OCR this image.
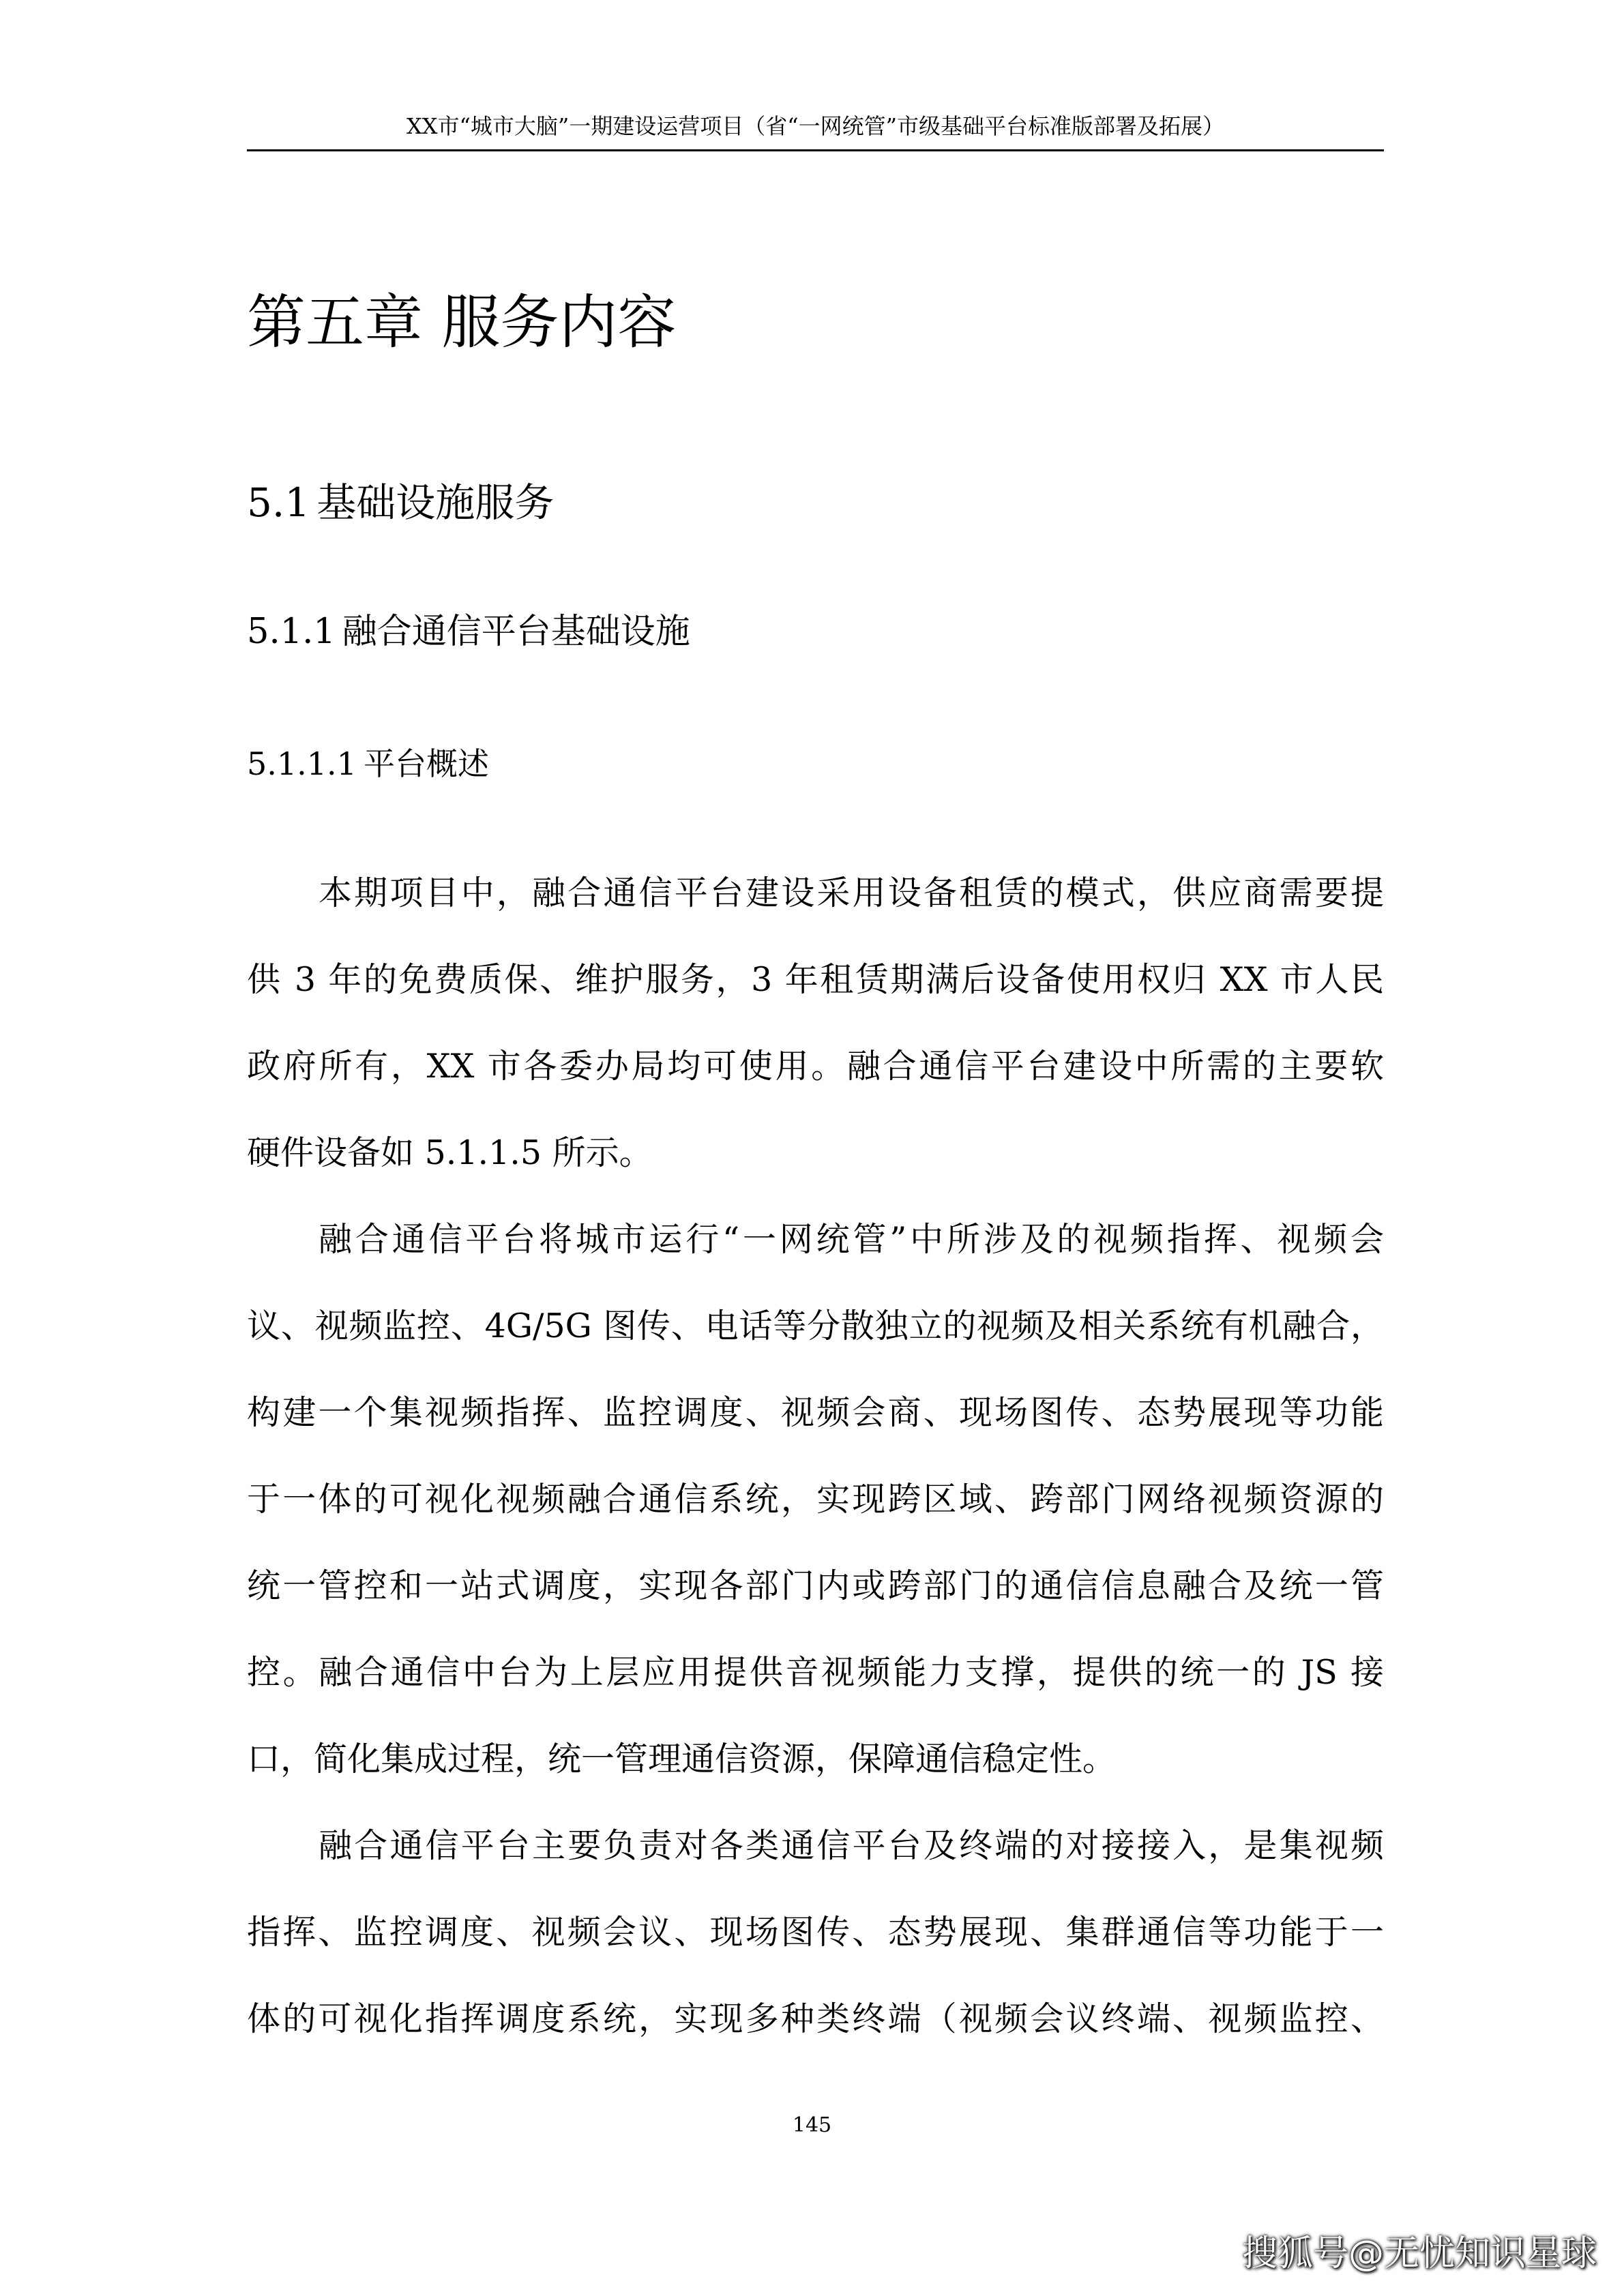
XX市“城市大脑”一期建设运营项目（省“一网统管”市级基础平台标准版部署及拓展）
第五章 服务内容
5.1 基础设施服务
5.1.1 融合通信平台基础设施
5.1.1.1 平台概述
本期项目中，融合通信平台建设采用设备租赁的模式，供应商需要提
供 3 年的免费质保、维护服务，3 年租赁期满后设备使用权归 XX 市人民
政府所有，XX 市各委办局均可使用。融合通信平台建设中所需的主要软
硬件设备如 5.1.1.5 所示。
融合通信平台将城市运行“一网统管”中所涉及的视频指挥、视频会
议、视频监控、4G/5G 图传、电话等分散独立的视频及相关系统有机融合，
构建一个集视频指挥、监控调度、视频会商、现场图传、态势展现等功能
于一体的可视化视频融合通信系统，实现跨区域、跨部门网络视频资源的
统一管控和一站式调度，实现各部门内或跨部门的通信信息融合及统一管
控。融合通信中台为上层应用提供音视频能力支撑，提供的统一的 JS 接
口，简化集成过程，统一管理通信资源，保障通信稳定性。
融合通信平台主要负责对各类通信平台及终端的对接接入，是集视频
指挥、监控调度、视频会议、现场图传、态势展现、集群通信等功能于一
体的可视化指挥调度系统，实现多种类终端（视频会议终端、视频监控、
145
搜狐号@无忧知识星球
